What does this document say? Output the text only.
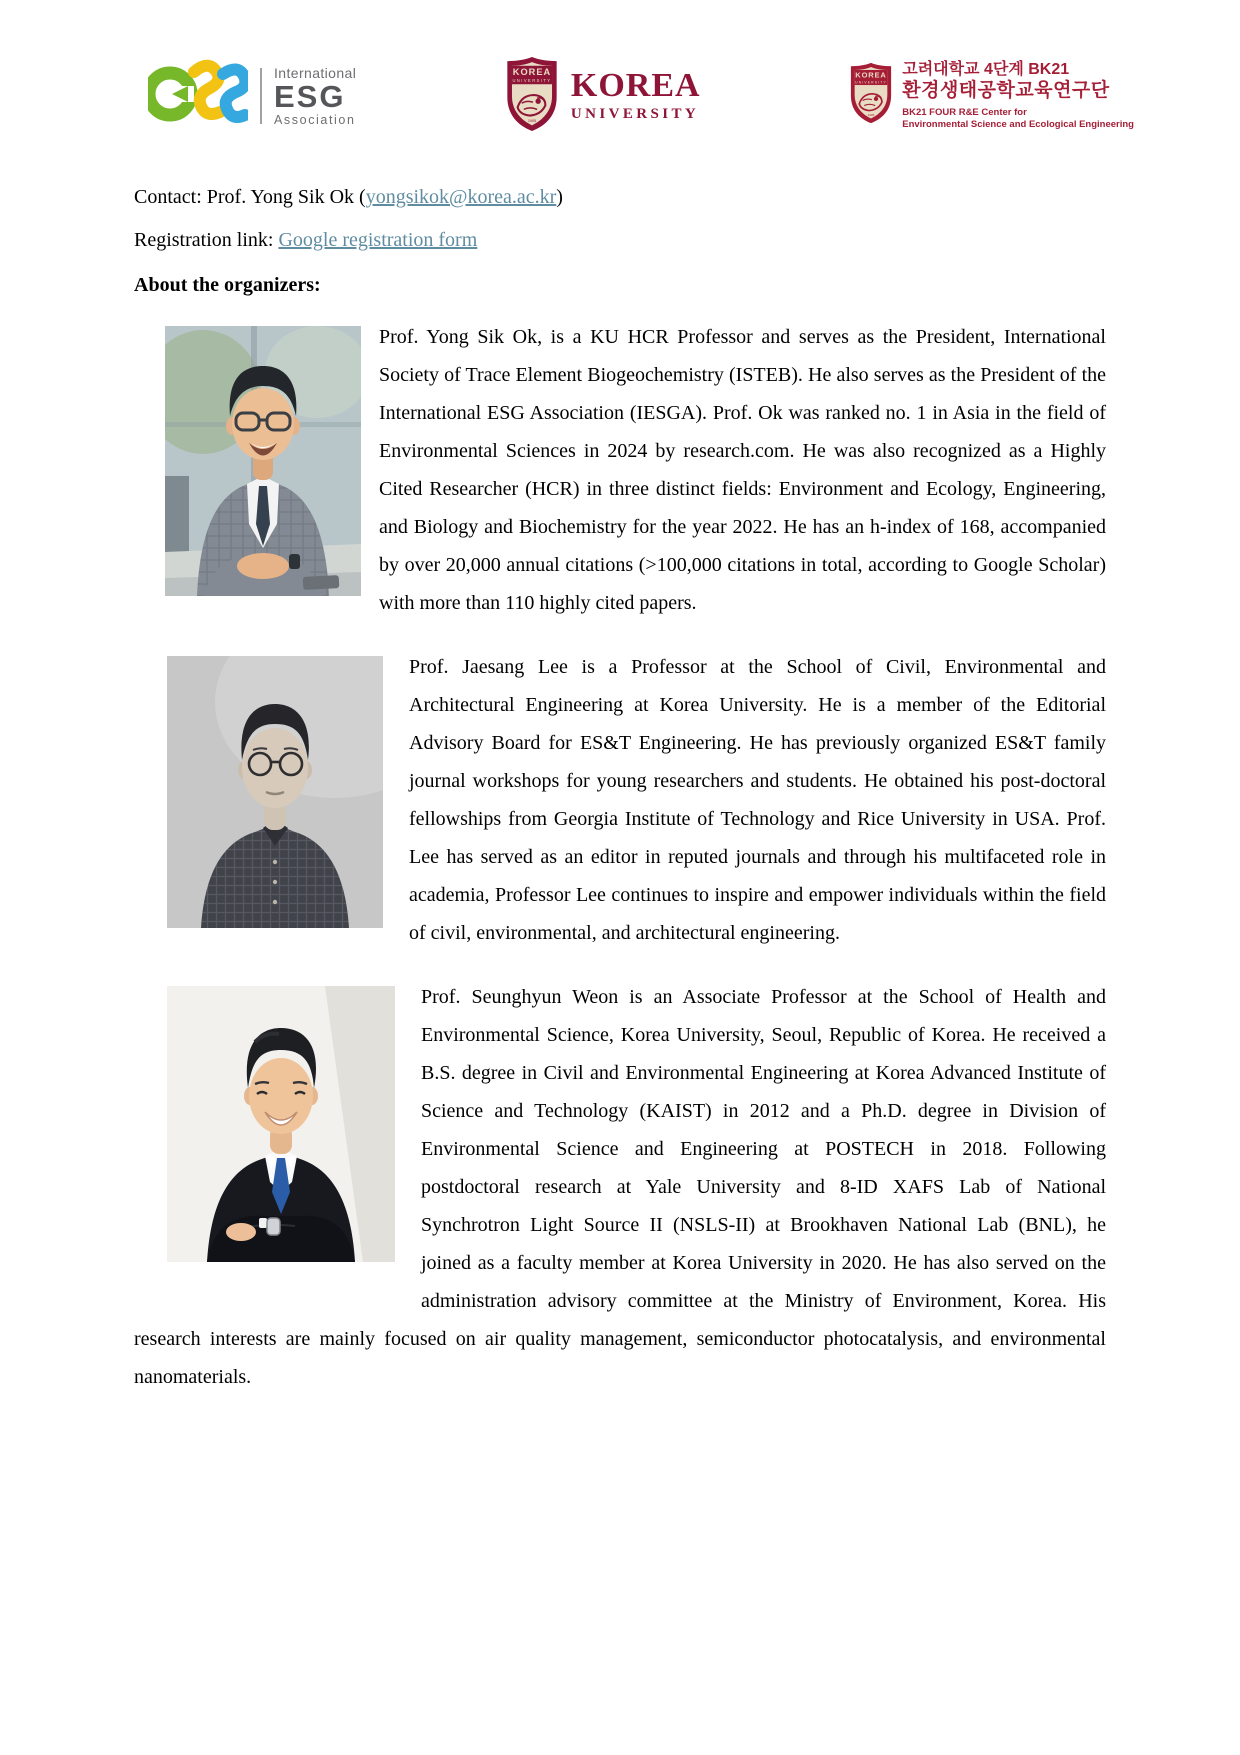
International
ESG
Association
KOREA
UNIVERSITY
1905
KOREA
UNIVERSITY
KOREA
UNIVERSITY
1905
고려대학교 4단계 BK21
환경생태공학교육연구단
BK21 FOUR R&E Center for
Environmental Science and Ecological Engineering
Contact: Prof. Yong Sik Ok (yongsikok@korea.ac.kr)
Registration link: Google registration form
About the organizers:
Prof. Yong Sik Ok, is a KU HCR Professor and serves as the President, International Society of Trace Element Biogeochemistry (ISTEB). He also serves as the President of the International ESG Association (IESGA). Prof. Ok was ranked no. 1 in Asia in the field of Environmental Sciences in 2024 by research.com. He was also recognized as a Highly Cited Researcher (HCR) in three distinct fields: Environment and Ecology, Engineering, and Biology and Biochemistry for the year 2022. He has an h-index of 168, accompanied by over 20,000 annual citations (>100,000 citations in total, according to Google Scholar) with more than 110 highly cited papers.
Prof. Jaesang Lee is a Professor at the School of Civil, Environmental and Architectural Engineering at Korea University. He is a member of the Editorial Advisory Board for ES&T Engineering. He has previously organized ES&T family journal workshops for young researchers and students. He obtained his post-doctoral fellowships from Georgia Institute of Technology and Rice University in USA. Prof. Lee has served as an editor in reputed journals and through his multifaceted role in academia, Professor Lee continues to inspire and empower individuals within the field of civil, environmental, and architectural engineering.
Prof. Seunghyun Weon is an Associate Professor at the School of Health and Environmental Science, Korea University, Seoul, Republic of Korea. He received a B.S. degree in Civil and Environmental Engineering at Korea Advanced Institute of Science and Technology (KAIST) in 2012 and a Ph.D. degree in Division of Environmental Science and Engineering at POSTECH in 2018. Following postdoctoral research at Yale University and 8-ID XAFS Lab of National Synchrotron Light Source II (NSLS-II) at Brookhaven National Lab (BNL), he joined as a faculty member at Korea University in 2020. He has also served on the administration advisory committee at the Ministry of Environment, Korea. His research interests are mainly focused on air quality management, semiconductor photocatalysis, and environmental nanomaterials.
